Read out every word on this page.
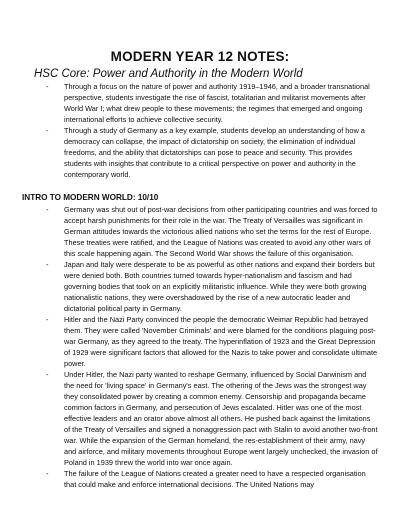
MODERN YEAR 12 NOTES:
HSC Core: Power and Authority in the Modern World
- Through a focus on the nature of power and authority 1919–1946, and a broader transnational perspective, students investigate the rise of fascist, totalitarian and militarist movements after World War I; what drew people to these movements; the regimes that emerged and ongoing international efforts to achieve collective security.
- Through a study of Germany as a key example, students develop an understanding of how a democracy can collapse, the impact of dictatorship on society, the elimination of individual freedoms, and the ability that dictatorships can pose to peace and security. This provides students with insights that contribute to a critical perspective on power and authority in the contemporary world.
INTRO TO MODERN WORLD: 10/10
- Germany was shut out of post-war decisions from other participating countries and was forced to accept harsh punishments for their role in the war. The Treaty of Versailles was significant in German attitudes towards the victorious allied nations who set the terms for the rest of Europe. These treaties were ratified, and the League of Nations was created to avoid any other wars of this scale happening again. The Second World War shows the failure of this organisation.
- Japan and Italy were desperate to be as powerful as other nations and expand their borders but were denied both. Both countries turned towards hyper-nationalism and fascism and had governing bodies that took on an explicitly militaristic influence. While they were both growing nationalistic nations, they were overshadowed by the rise of a new autocratic leader and dictatorial political party in Germany.
- Hitler and the Nazi Party convinced the people the democratic Weimar Republic had betrayed them. They were called 'November Criminals' and were blamed for the conditions plaguing post-war Germany, as they agreed to the treaty. The hyperinflation of 1923 and the Great Depression of 1929 were significant factors that allowed for the Nazis to take power and consolidate ultimate power.
- Under Hitler, the Nazi party wanted to reshape Germany, influenced by Social Darwinism and the need for 'living space' in Germany's east. The othering of the Jews was the strongest way they consolidated power by creating a common enemy. Censorship and propaganda became common factors in Germany, and persecution of Jews escalated. Hitler was one of the most effective leaders and an orator above almost all others. He pushed back against the limitations of the Treaty of Versailles and signed a nonaggression pact with Stalin to avoid another two-front war. While the expansion of the German homeland, the res-establishment of their army, navy and airforce, and military movements throughout Europe went largely unchecked, the invasion of Poland in 1939 threw the world into war once again.
- The failure of the League of Nations created a greater need to have a respected organisation that could make and enforce international decisions. The United Nations may
